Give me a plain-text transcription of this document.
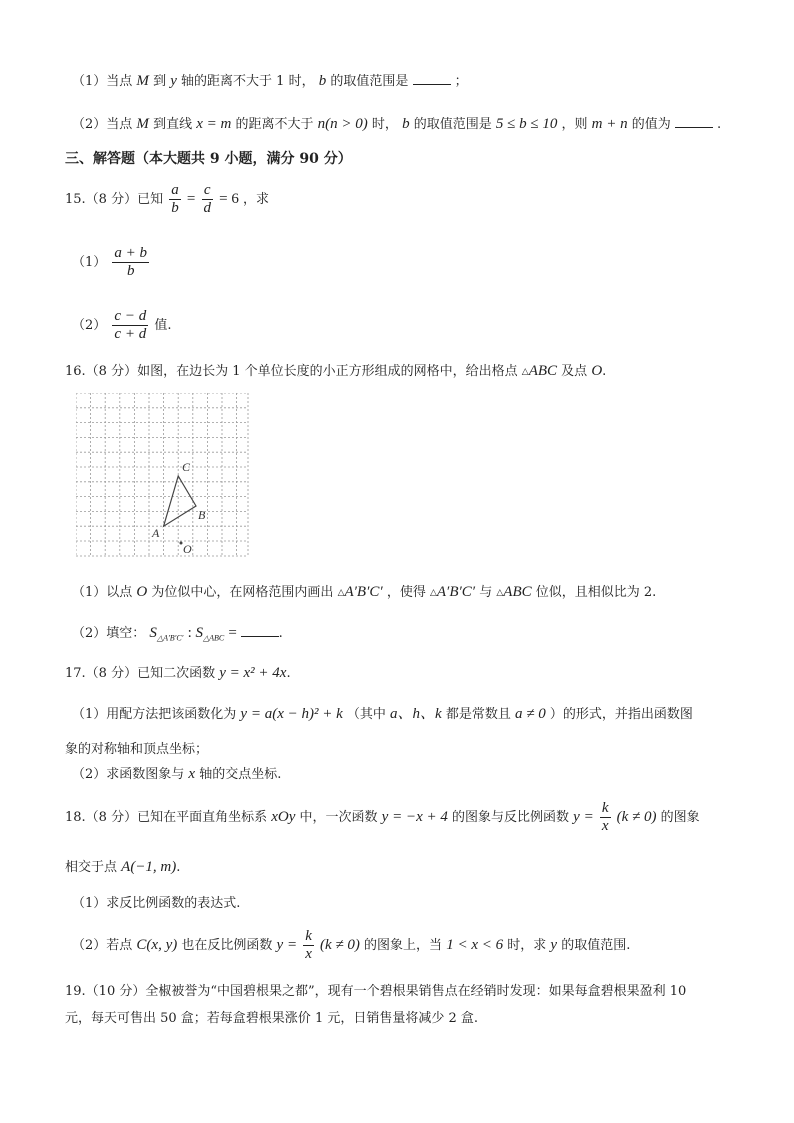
（1）当点 M 到 y 轴的距离不大于 1 时， b 的取值范围是	；
（2）当点 M 到直线 x = m 的距离不大于 n(n > 0) 时， b 的取值范围是 5 ≤ b ≤ 10 ，则 m + n 的值为	.
三、解答题（本大题共 9 小题，满分 90 分）
15.（8 分）已知 $\frac{a}{b} = \frac{c}{d} = 6$ ，求
$(1) \frac{a + b}{b}$
$(2) \frac{c - d}{c + d}$ 值.
16.（8 分）如图，在边长为 1 个单位长度的小正方形组成的网格中，给出格点 △ABC 及点 O.
C
B
A
O
（1）以点 O 为位似中心，在网格范围内画出 △A′B′C′ ，使得 △A′B′C′ 与 △ABC 位似，且相似比为 2.
（2）填空： $S_{\triangle A'B'C'}$ : $S_{\triangle ABC}$ =	.
17.（8 分）已知二次函数 y = x² + 4x.
（1）用配方法把该函数化为 y = a(x − h)² + k （其中 a、h、k 都是常数且 a ≠ 0 ）的形式，并指出函数图
象的对称轴和顶点坐标；
（2）求函数图象与 x 轴的交点坐标.
18.（8 分）已知在平面直角坐标系 xOy 中，一次函数 y = −x + 4 的图象与反比例函数 $y = \frac{k}{x} (k \ne 0)$ 的图象
相交于点 A(−1, m).
（1）求反比例函数的表达式.
（2）若点 C(x, y) 也在反比例函数 $y = \frac{k}{x} (k \ne 0)$ 的图象上，当 1 < x < 6 时，求 y 的取值范围.
19.（10 分）全椒被誉为“中国碧根果之都”，现有一个碧根果销售点在经销时发现：如果每盒碧根果盈利 10
元，每天可售出 50 盒；若每盒碧根果涨价 1 元，日销售量将减少 2 盒.
